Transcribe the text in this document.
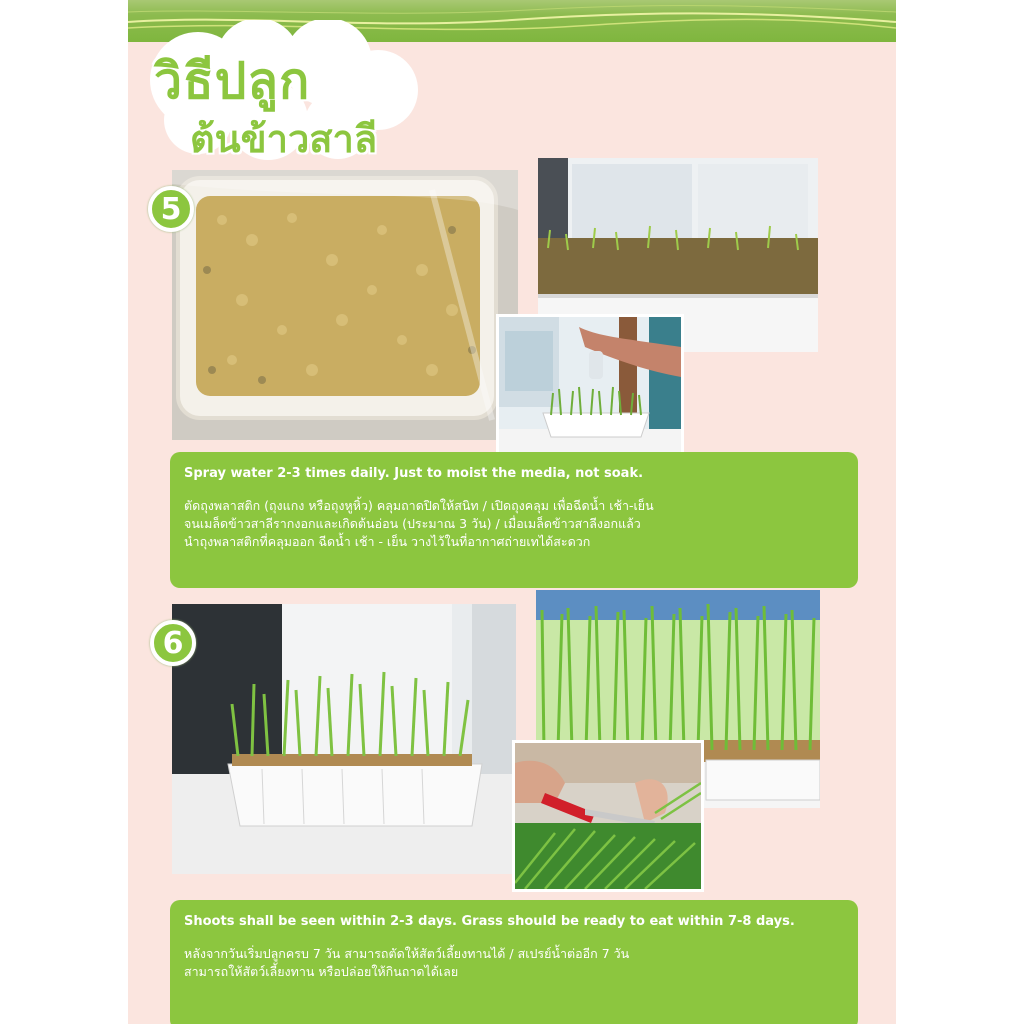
วิธีปลูก
ต้นข้าวสาลี
5

Spray water 2-3 times daily. Just to moist the media, not soak.

ตัดถุงพลาสติก (ถุงแกง หรือถุงหูหิ้ว) คลุมถาดปิดให้สนิท / เปิดถุงคลุม เพื่อฉีดน้ำ เช้า-เย็น

จนเมล็ดข้าวสาลีรากงอกและเกิดต้นอ่อน (ประมาณ 3 วัน) / เมื่อเมล็ดข้าวสาลีงอกแล้ว

นำถุงพลาสติกที่คลุมออก ฉีดน้ำ เช้า - เย็น วางไว้ในที่อากาศถ่ายเทได้สะดวก

6

Shoots shall be seen within 2-3 days. Grass should be ready to eat within 7-8 days.

หลังจากวันเริ่มปลูกครบ 7 วัน สามารถตัดให้สัตว์เลี้ยงทานได้ / สเปรย์น้ำต่ออีก 7 วัน

สามารถให้สัตว์เลี้ยงทาน หรือปล่อยให้กินถาดได้เลย
